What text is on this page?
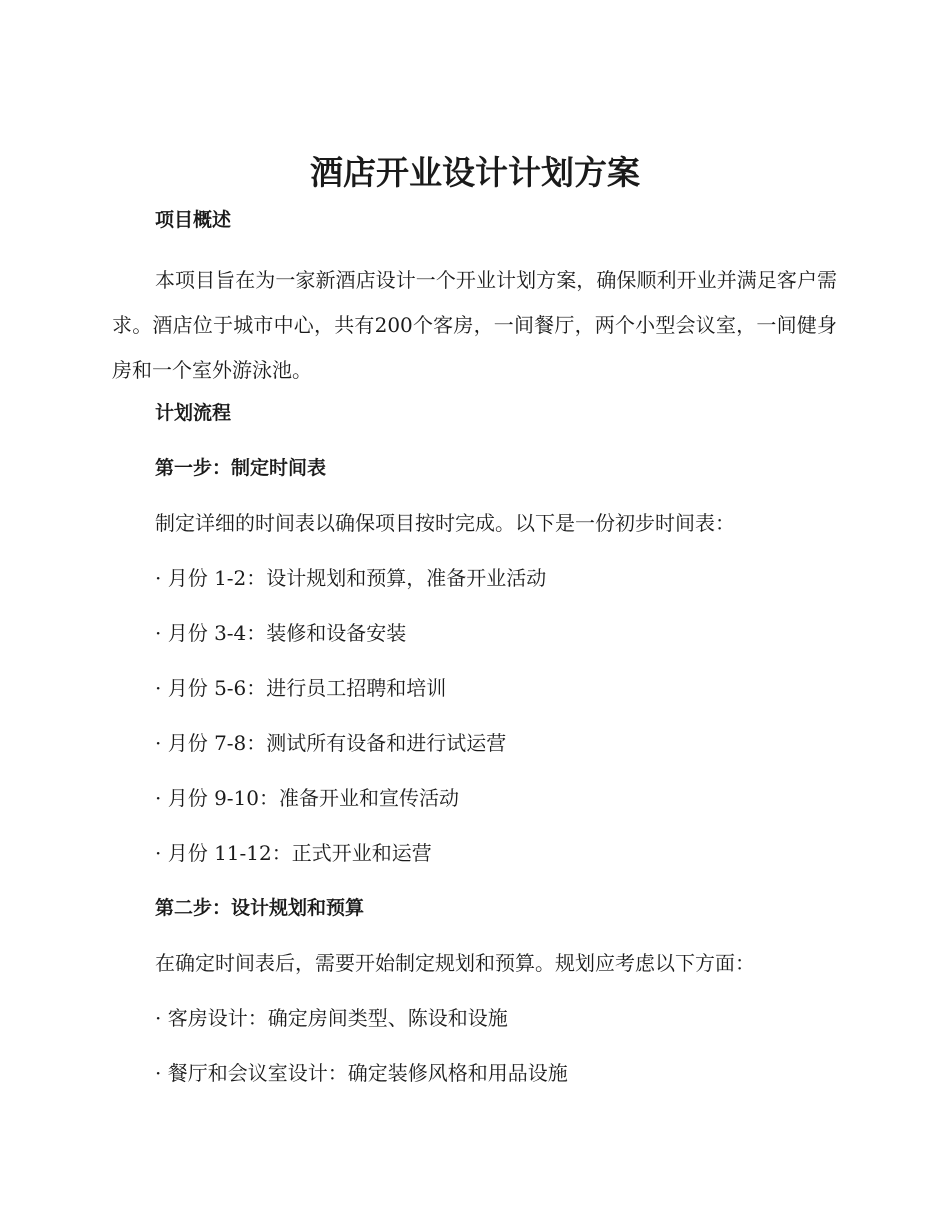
酒店开业设计计划方案
项目概述
本项目旨在为一家新酒店设计一个开业计划方案，确保顺利开业并满足客户需求。酒店位于城市中心，共有200个客房，一间餐厅，两个小型会议室，一间健身房和一个室外游泳池。
计划流程
第一步：制定时间表
制定详细的时间表以确保项目按时完成。以下是一份初步时间表：
· 月份 1-2：设计规划和预算，准备开业活动
· 月份 3-4：装修和设备安装
· 月份 5-6：进行员工招聘和培训
· 月份 7-8：测试所有设备和进行试运营
· 月份 9-10：准备开业和宣传活动
· 月份 11-12：正式开业和运营
第二步：设计规划和预算
在确定时间表后，需要开始制定规划和预算。规划应考虑以下方面：
· 客房设计：确定房间类型、陈设和设施
· 餐厅和会议室设计：确定装修风格和用品设施
